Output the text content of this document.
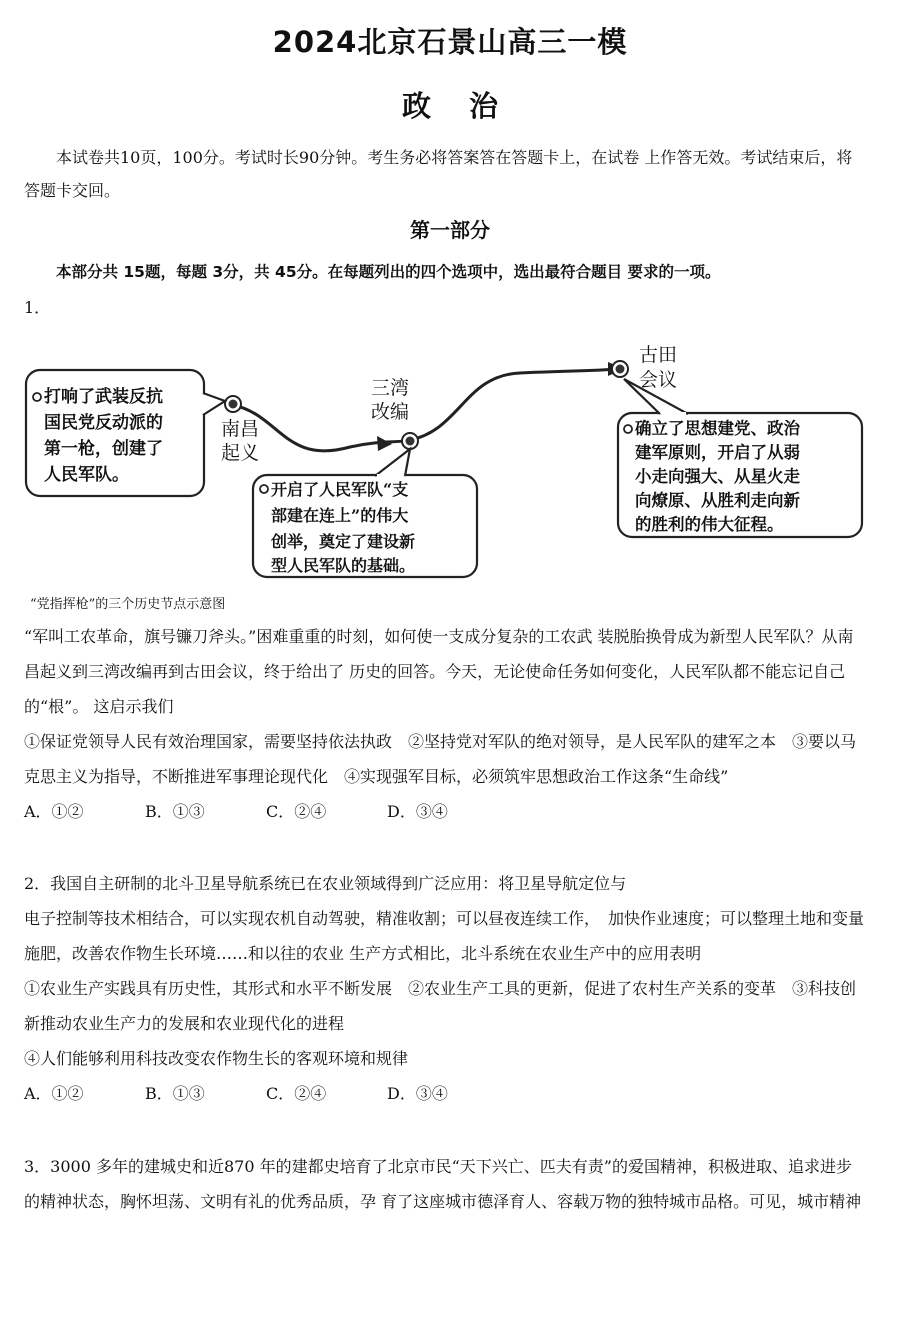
2024北京石景山高三一模
政治
本试卷共10页，100分。考试时长90分钟。考生务必将答案答在答题卡上，在试卷 上作答无效。考试结束后，将答题卡交回。
第一部分
本部分共 15题，每题 3分，共 45分。在每题列出的四个选项中，选出最符合题目 要求的一项。
1．
南昌
起义
三湾
改编
古田
会议
打响了武装反抗
国民党反动派的
第一枪，创建了
人民军队。
开启了人民军队“支
部建在连上”的伟大
创举，奠定了建设新
型人民军队的基础。
确立了思想建党、政治
建军原则，开启了从弱
小走向强大、从星火走
向燎原、从胜利走向新
的胜利的伟大征程。
“党指挥枪”的三个历史节点示意图

“军叫工农革命，旗号镰刀斧头。”困难重重的时刻，如何使一支成分复杂的工农武 装脱胎换骨成为新型人民军队？从南昌起义到三湾改编再到古田会议，终于给出了 历史的回答。今天，无论使命任务如何变化，人民军队都不能忘记自己的“根”。 这启示我们

①保证党领导人民有效治理国家，需要坚持依法执政　②坚持党对军队的绝对领导，是人民军队的建军之本　③要以马克思主义为指导，不断推进军事理论现代化　④实现强军目标，必须筑牢思想政治工作这条“生命线”

A．①②	B．①③	C．②④	D．③④

2．我国自主研制的北斗卫星导航系统已在农业领域得到广泛应用：将卫星导航定位与

电子控制等技术相结合，可以实现农机自动驾驶，精准收割；可以昼夜连续工作，　加快作业速度；可以整理土地和变量施肥，改善农作物生长环境……和以往的农业 生产方式相比，北斗系统在农业生产中的应用表明

①农业生产实践具有历史性，其形式和水平不断发展　②农业生产工具的更新，促进了农村生产关系的变革　③科技创新推动农业生产力的发展和农业现代化的进程

④人们能够利用科技改变农作物生长的客观环境和规律

A．①②	B．①③	C．②④	D．③④

3．3000 多年的建城史和近870 年的建都史培育了北京市民“天下兴亡、匹夫有责”的爱国精神，积极进取、追求进步的精神状态，胸怀坦荡、文明有礼的优秀品质，孕 育了这座城市德泽育人、容载万物的独特城市品格。可见，城市精神
